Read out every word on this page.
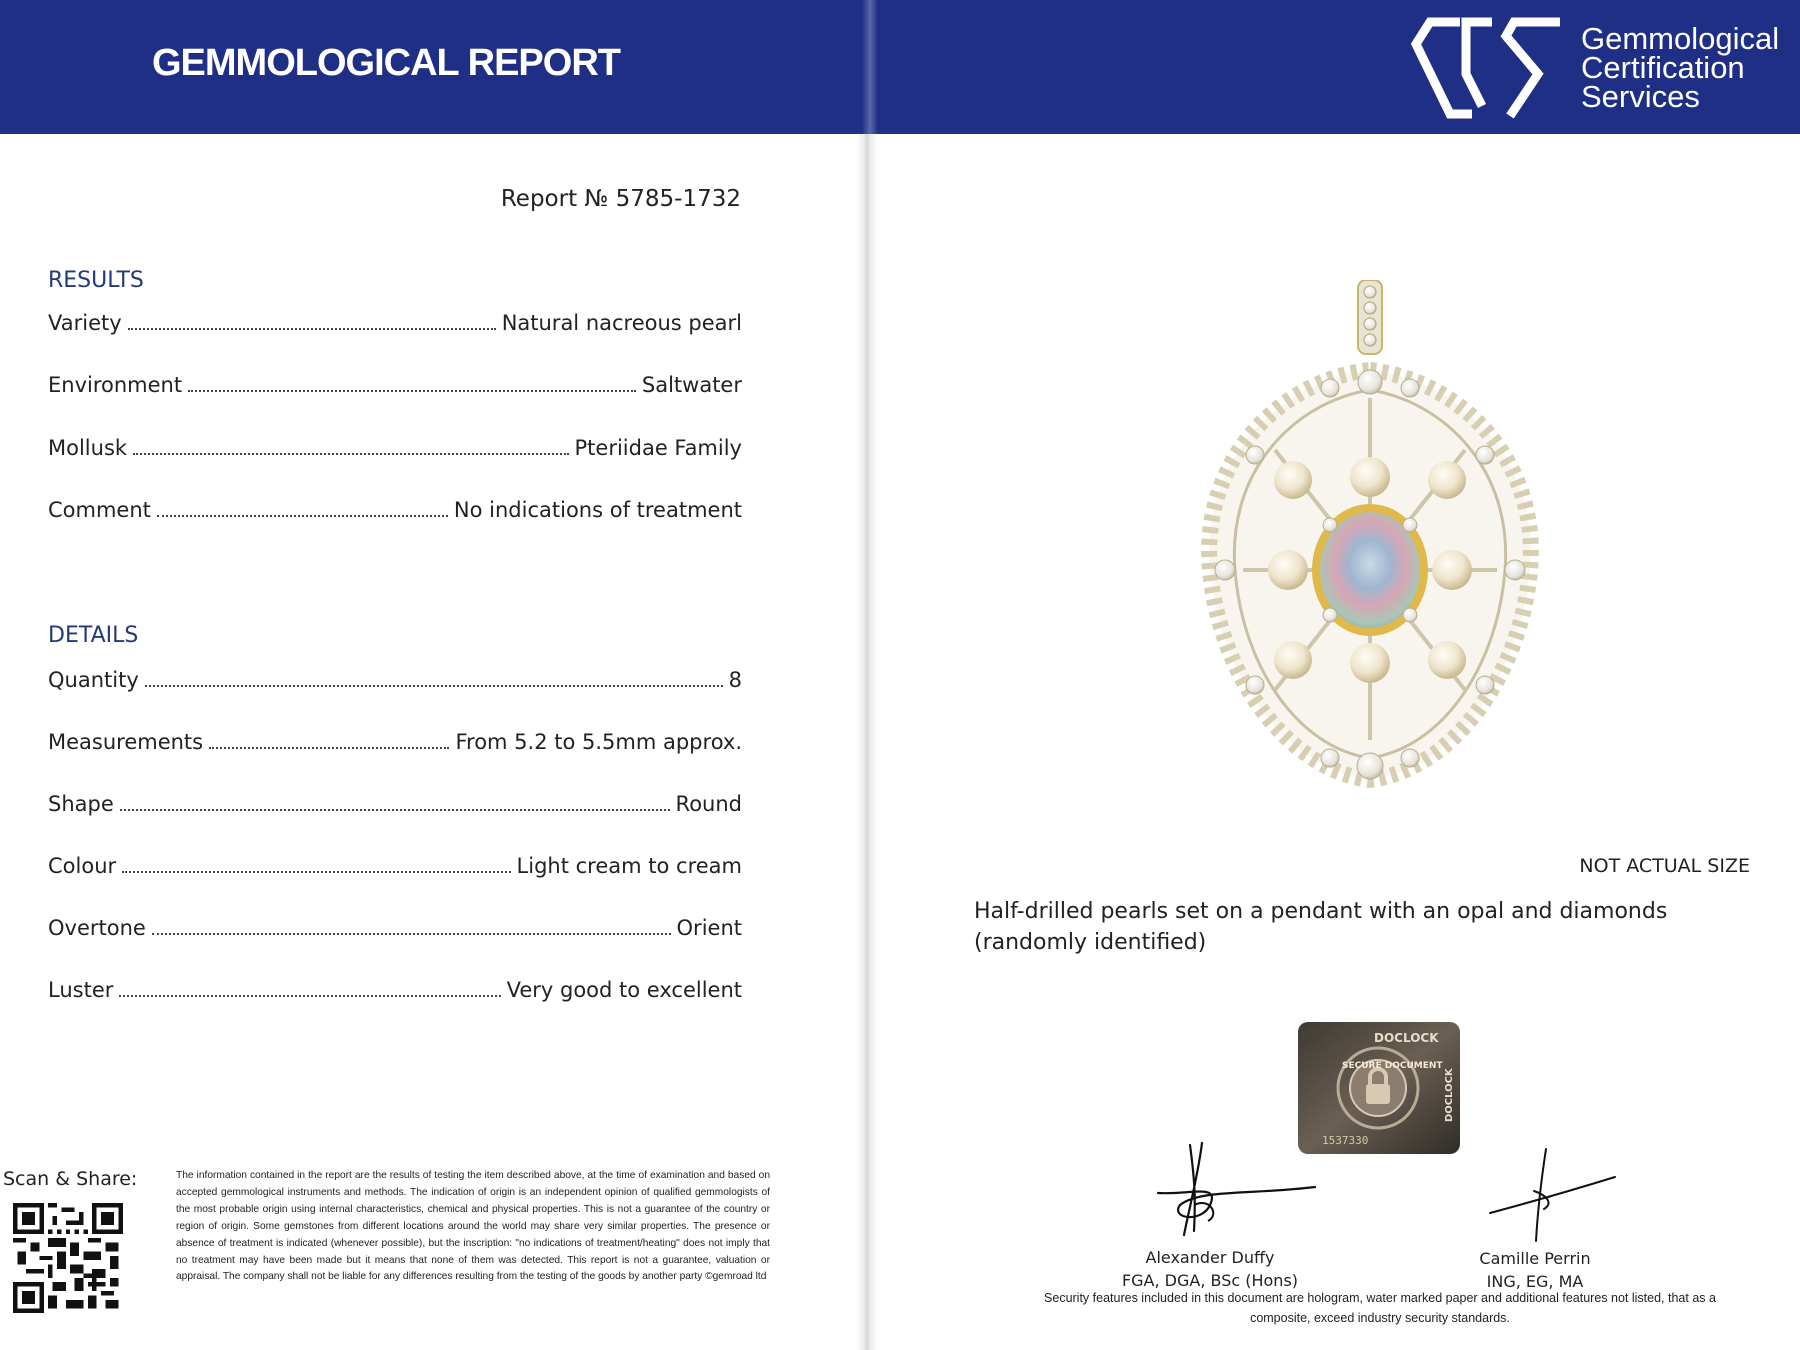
GEMMOLOGICAL REPORT
Gemmological
Certification
Services
Report № 5785-1732
RESULTS
Variety	Natural nacreous pearl
Environment	Saltwater
Mollusk	Pteriidae Family
Comment	No indications of treatment
DETAILS
Quantity	8
Measurements	From 5.2 to 5.5mm approx.
Shape	Round
Colour	Light cream to cream
Overtone	Orient
Luster	Very good to excellent
Scan & Share:	The information contained in the report are the results of testing the item described above, at the time of examination and based on accepted gemmological instruments and methods. The indication of origin is an independent opinion of qualified gemmologists of the most probable origin using internal characteristics, chemical and physical properties. This is not a guarantee of the country or region of origin. Some gemstones from different locations around the world may share very similar properties. The presence or absence of treatment is indicated (whenever possible), but the inscription: "no indications of treatment/heating" does not imply that no treatment may have been made but it means that none of them was detected. This report is not a guarantee, valuation or appraisal. The company shall not be liable for any differences resulting from the testing of the goods by another party ©gemroad ltd
NOT ACTUAL SIZE
Half-drilled pearls set on a pendant with an opal and diamonds (randomly identified)
DOCLOCK
SECURE DOCUMENT
DOCLOCK
1537330
Alexander Duffy
FGA, DGA, BSc (Hons)
Camille Perrin
ING, EG, MA
Security features included in this document are hologram, water marked paper and additional features not listed, that as a composite, exceed industry security standards.
